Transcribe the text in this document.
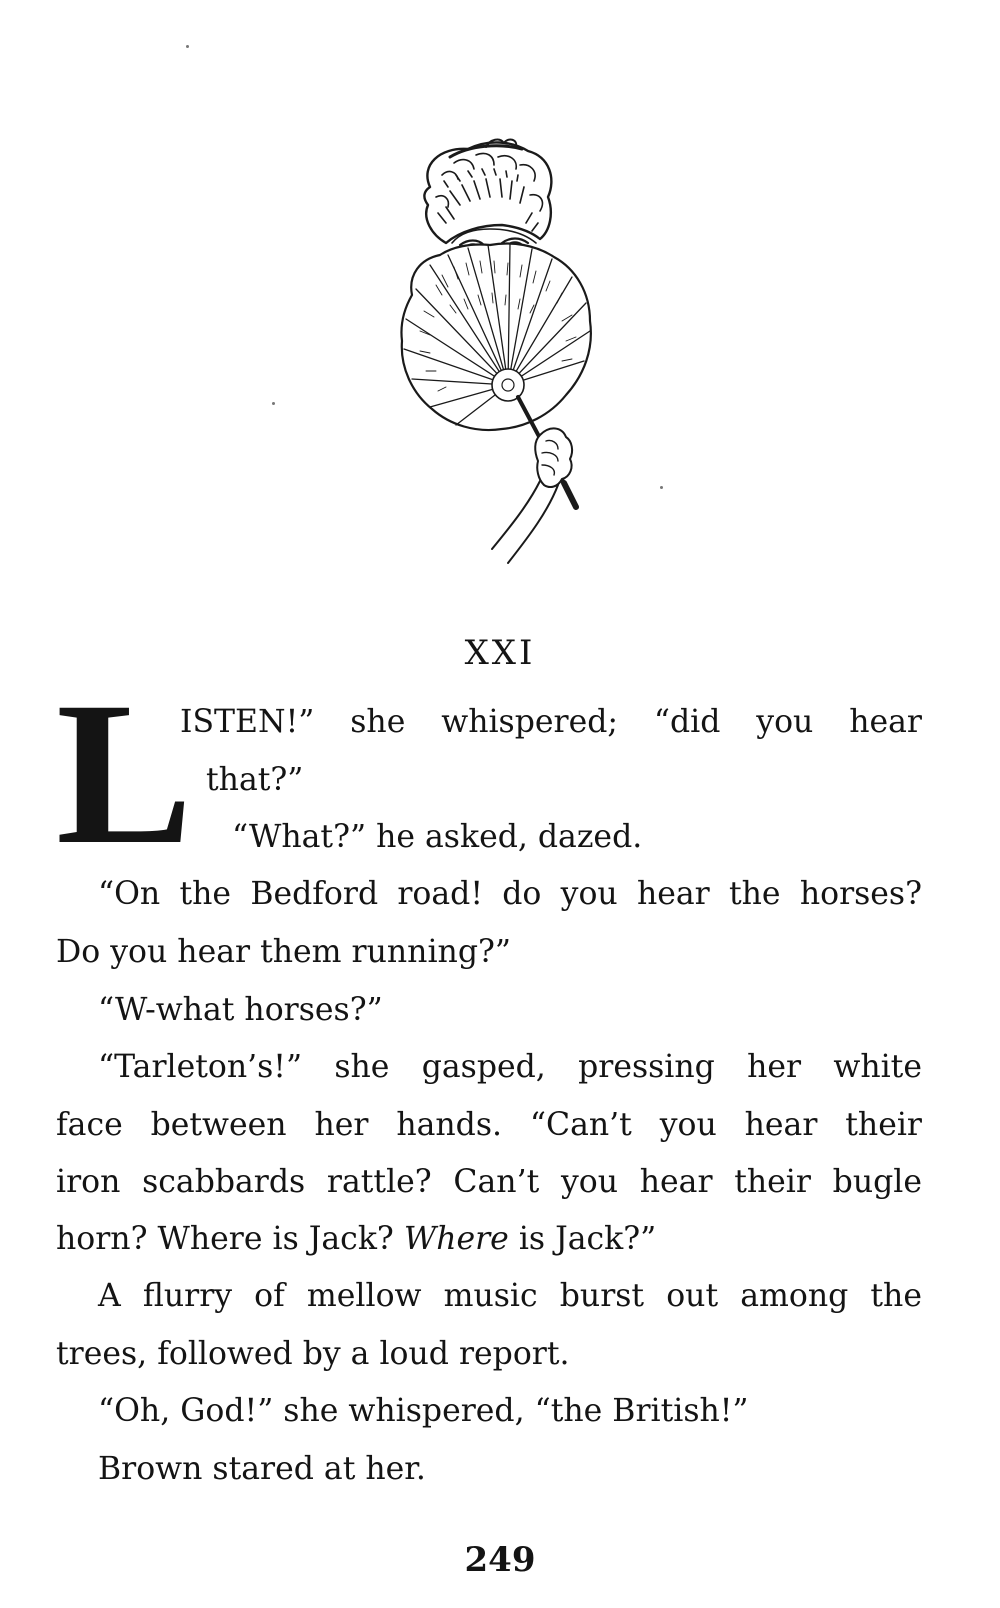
XXI
L
ISTEN!” she whispered; “did you hear
that?”
“What?” he asked, dazed.
“On the Bedford road! do you hear the horses?
Do you hear them running?”
“W-what horses?”
“Tarleton’s!” she gasped, pressing her white
face between her hands. “Can’t you hear their
iron scabbards rattle? Can’t you hear their bugle
horn? Where is Jack? Where is Jack?”
A flurry of mellow music burst out among the
trees, followed by a loud report.
“Oh, God!” she whispered, “the British!”
Brown stared at her.
249
